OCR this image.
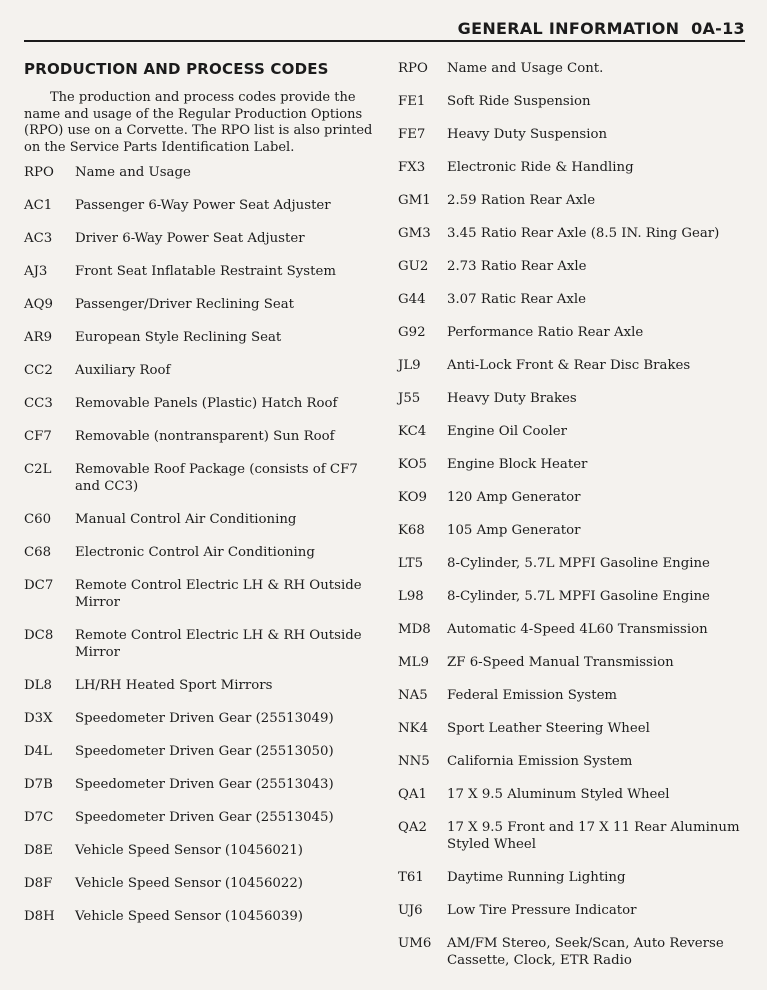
GENERAL INFORMATION  0A-13
PRODUCTION AND PROCESS CODES

The production and process codes provide the name and usage of the Regular Production Options (RPO) use on a Corvette. The RPO list is also printed on the Service Parts Identification Label.

RPO	Name and Usage
AC1	Passenger 6-Way Power Seat Adjuster
AC3	Driver 6-Way Power Seat Adjuster
AJ3	Front Seat Inflatable Restraint System
AQ9	Passenger/Driver Reclining Seat
AR9	European Style Reclining Seat
CC2	Auxiliary Roof
CC3	Removable Panels (Plastic) Hatch Roof
CF7	Removable (nontransparent) Sun Roof
C2L	Removable Roof Package (consists of CF7 and CC3)
C60	Manual Control Air Conditioning
C68	Electronic Control Air Conditioning
DC7	Remote Control Electric LH & RH Outside Mirror
DC8	Remote Control Electric LH & RH Outside Mirror
DL8	LH/RH Heated Sport Mirrors
D3X	Speedometer Driven Gear (25513049)
D4L	Speedometer Driven Gear (25513050)
D7B	Speedometer Driven Gear (25513043)
D7C	Speedometer Driven Gear (25513045)
D8E	Vehicle Speed Sensor (10456021)
D8F	Vehicle Speed Sensor (10456022)
D8H	Vehicle Speed Sensor (10456039)
RPO	Name and Usage Cont.
FE1	Soft Ride Suspension
FE7	Heavy Duty Suspension
FX3	Electronic Ride & Handling
GM1	2.59 Ration Rear Axle
GM3	3.45 Ratio Rear Axle (8.5 IN. Ring Gear)
GU2	2.73 Ratio Rear Axle
G44	3.07 Ratic Rear Axle
G92	Performance Ratio Rear Axle
JL9	Anti-Lock Front & Rear Disc Brakes
J55	Heavy Duty Brakes
KC4	Engine Oil Cooler
KO5	Engine Block Heater
KO9	120 Amp Generator
K68	105 Amp Generator
LT5	8-Cylinder, 5.7L MPFI Gasoline Engine
L98	8-Cylinder, 5.7L MPFI Gasoline Engine
MD8	Automatic 4-Speed 4L60 Transmission
ML9	ZF 6-Speed Manual Transmission
NA5	Federal Emission System
NK4	Sport Leather Steering Wheel
NN5	California Emission System
QA1	17 X 9.5 Aluminum Styled Wheel
QA2	17 X 9.5 Front and 17 X 11 Rear Aluminum Styled Wheel
T61	Daytime Running Lighting
UJ6	Low Tire Pressure Indicator
UM6	AM/FM Stereo, Seek/Scan, Auto Reverse Cassette, Clock, ETR Radio
